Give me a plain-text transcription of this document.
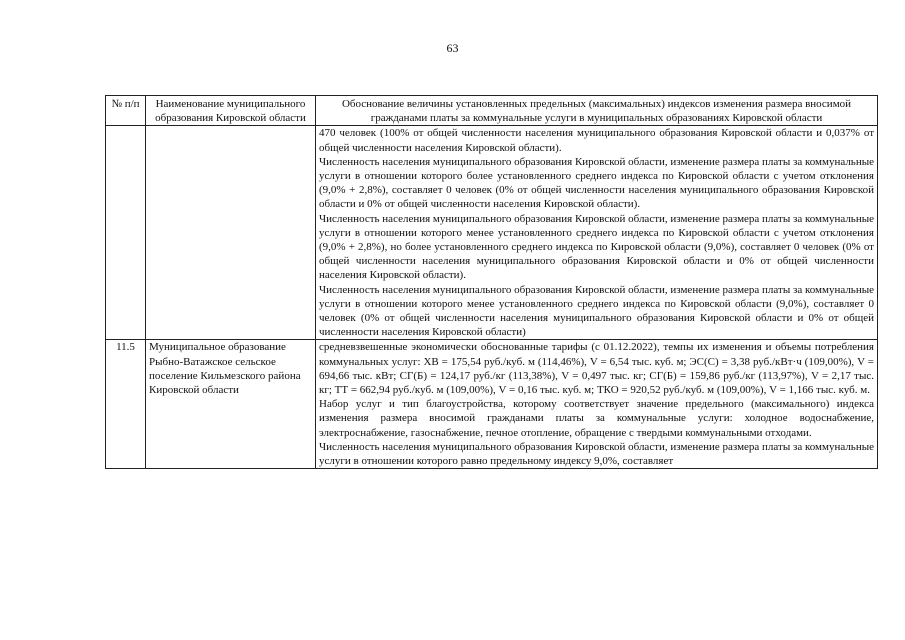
63
№ п/п	Наименование муниципального образования Кировской области	Обоснование величины установленных предельных (максимальных) индексов изменения размера вносимой гражданами платы за коммунальные услуги в муниципальных образованиях Кировской области

		470 человек (100% от общей численности населения муниципального образования Кировской области и 0,037% от общей численности населения Кировской области).

Численность населения муниципального образования Кировской области, изменение размера платы за коммунальные услуги в отношении которого более установленного среднего индекса по Кировской области с учетом отклонения (9,0% + 2,8%), составляет 0 человек (0% от общей численности населения муниципального образования Кировской области и 0% от общей численности населения Кировской области).

Численность населения муниципального образования Кировской области, изменение размера платы за коммунальные услуги в отношении которого менее установленного среднего индекса по Кировской области с учетом отклонения (9,0% + 2,8%), но более установленного среднего индекса по Кировской области (9,0%), составляет 0 человек (0% от общей численности населения муниципального образования Кировской области и 0% от общей численности населения Кировской области).

Численность населения муниципального образования Кировской области, изменение размера платы за коммунальные услуги в отношении которого менее установленного среднего индекса по Кировской области (9,0%), составляет 0 человек (0% от общей численности населения муниципального образования Кировской области и 0% от общей численности населения Кировской области)

11.5	Муниципальное образование Рыбно-Ватажское сельское поселение Кильмезского района Кировской области	средневзвешенные экономически обоснованные тарифы (с 01.12.2022), темпы их изменения и объемы потребления коммунальных услуг: ХВ = 175,54 руб./куб. м (114,46%), V = 6,54 тыс. куб. м; ЭС(С) = 3,38 руб./кВт·ч (109,00%), V = 694,66 тыс. кВт; СГ(Б) = 124,17 руб./кг (113,38%), V = 0,497 тыс. кг; СГ(Б) = 159,86 руб./кг (113,97%), V = 2,17 тыс. кг; ТТ = 662,94 руб./куб. м (109,00%), V = 0,16 тыс. куб. м; ТКО = 920,52 руб./куб. м (109,00%), V = 1,166 тыс. куб. м.

Набор услуг и тип благоустройства, которому соответствует значение предельного (максимального) индекса изменения размера вносимой гражданами платы за коммунальные услуги: холодное водоснабжение, электроснабжение, газоснабжение, печное отопление, обращение с твердыми коммунальными отходами.

Численность населения муниципального образования Кировской области, изменение размера платы за коммунальные услуги в отношении которого равно предельному индексу 9,0%, составляет
